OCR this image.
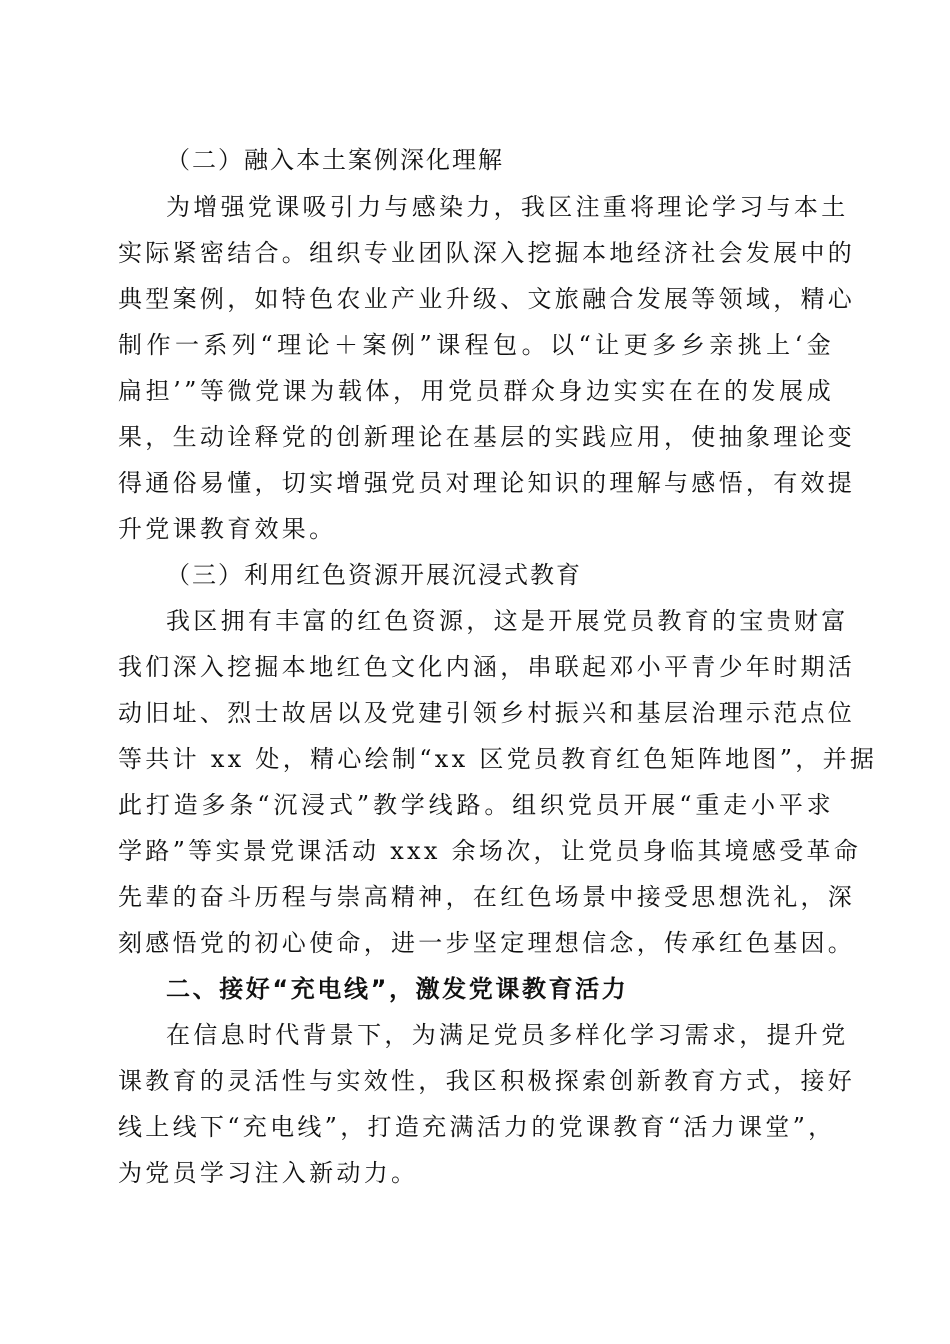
（二）融入本土案例深化理解
为增强党课吸引力与感染力，我区注重将理论学习与本土
实际紧密结合。组织专业团队深入挖掘本地经济社会发展中的
典型案例，如特色农业产业升级、文旅融合发展等领域，精心
制作一系列“理论＋案例”课程包。以“让更多乡亲挑上‘金
扁担’”等微党课为载体，用党员群众身边实实在在的发展成
果，生动诠释党的创新理论在基层的实践应用，使抽象理论变
得通俗易懂，切实增强党员对理论知识的理解与感悟，有效提
升党课教育效果。
（三）利用红色资源开展沉浸式教育
我区拥有丰富的红色资源，这是开展党员教育的宝贵财富
我们深入挖掘本地红色文化内涵，串联起邓小平青少年时期活
动旧址、烈士故居以及党建引领乡村振兴和基层治理示范点位
等共计 xx 处，精心绘制“xx 区党员教育红色矩阵地图”，并据
此打造多条“沉浸式”教学线路。组织党员开展“重走小平求
学路”等实景党课活动 xxx 余场次，让党员身临其境感受革命
先辈的奋斗历程与崇高精神，在红色场景中接受思想洗礼，深
刻感悟党的初心使命，进一步坚定理想信念，传承红色基因。
二、接好“充电线”，激发党课教育活力
在信息时代背景下，为满足党员多样化学习需求，提升党
课教育的灵活性与实效性，我区积极探索创新教育方式，接好
线上线下“充电线”，打造充满活力的党课教育“活力课堂”，
为党员学习注入新动力。
